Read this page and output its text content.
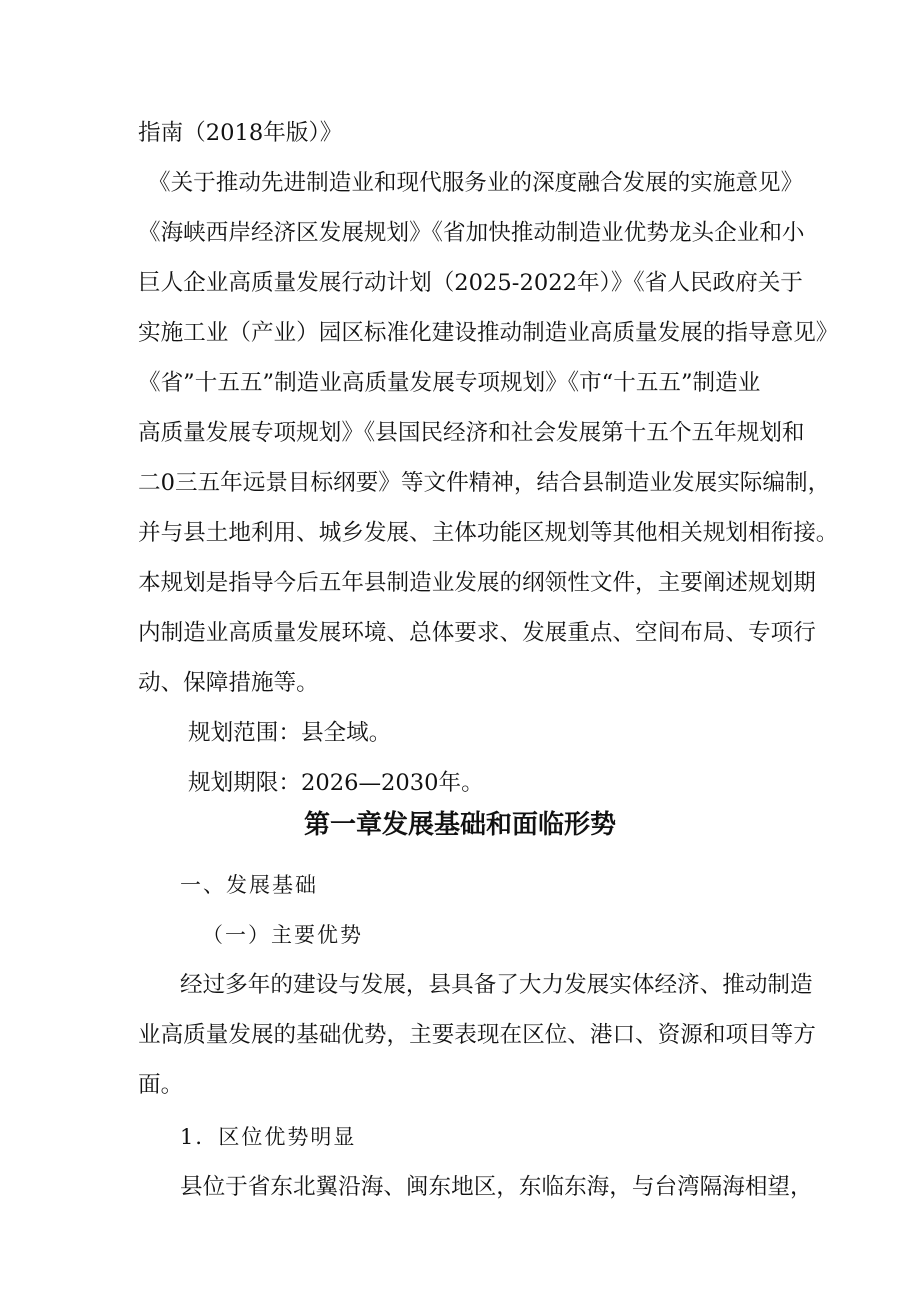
指南（2018年版）》
《关于推动先进制造业和现代服务业的深度融合发展的实施意见》
《海峡西岸经济区发展规划》《省加快推动制造业优势龙头企业和小
巨人企业高质量发展行动计划（2025-2022年）》《省人民政府关于
实施工业（产业）园区标准化建设推动制造业高质量发展的指导意见》
《省”十五五”制造业高质量发展专项规划》《市“十五五”制造业
高质量发展专项规划》《县国民经济和社会发展第十五个五年规划和
二0三五年远景目标纲要》等文件精神，结合县制造业发展实际编制，
并与县土地利用、城乡发展、主体功能区规划等其他相关规划相衔接。
本规划是指导今后五年县制造业发展的纲领性文件，主要阐述规划期
内制造业高质量发展环境、总体要求、发展重点、空间布局、专项行
动、保障措施等。
规划范围：县全域。
规划期限：2026—2030年。
第一章发展基础和面临形势
一、发展基础
（一）主要优势
经过多年的建设与发展，县具备了大力发展实体经济、推动制造
业高质量发展的基础优势，主要表现在区位、港口、资源和项目等方
面。
1．区位优势明显
县位于省东北翼沿海、闽东地区，东临东海，与台湾隔海相望，
